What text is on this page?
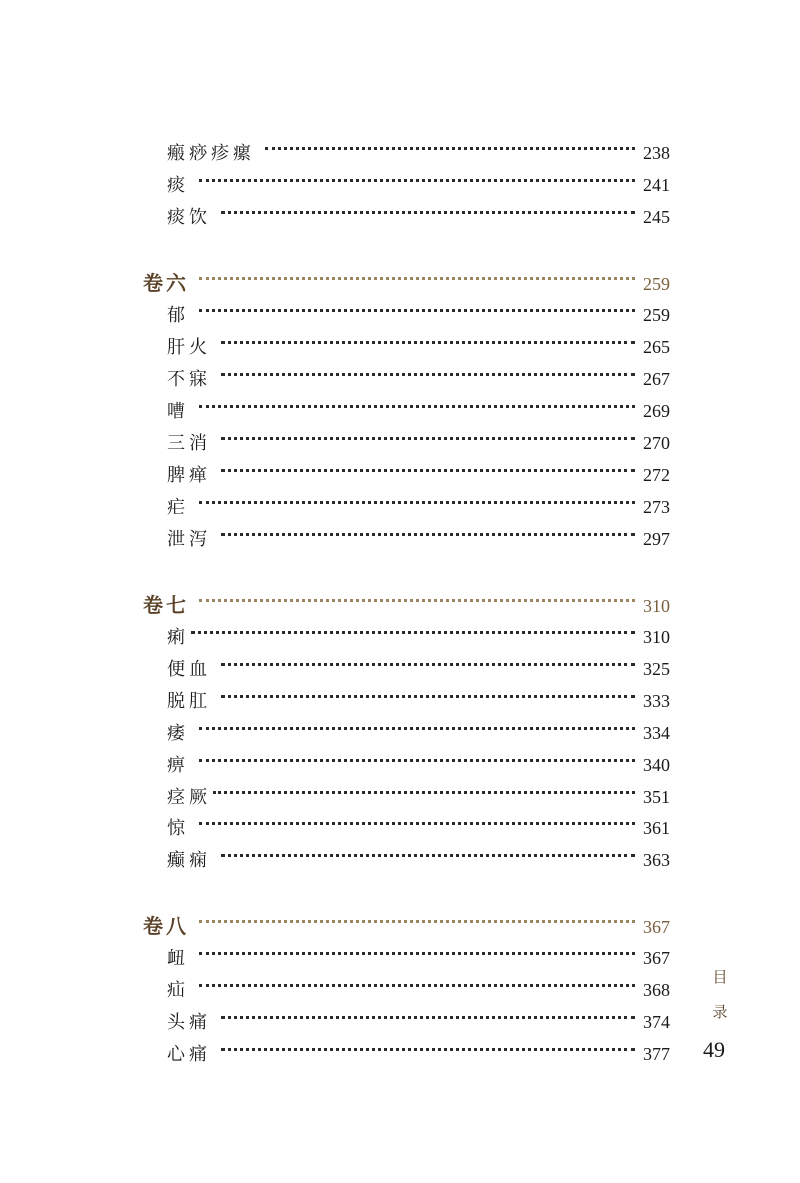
瘢痧疹瘰	238
痰	241
痰饮	245
卷六	259
郁	259
肝火	265
不寐	267
嘈	269
三消	270
脾瘅	272
疟	273
泄泻	297
卷七	310
痢	310
便血	325
脱肛	333
痿	334
痹	340
痉厥	351
惊	361
癫痫	363
卷八	367
衄	367
疝	368
头痛	374
心痛	377
目
录
49
